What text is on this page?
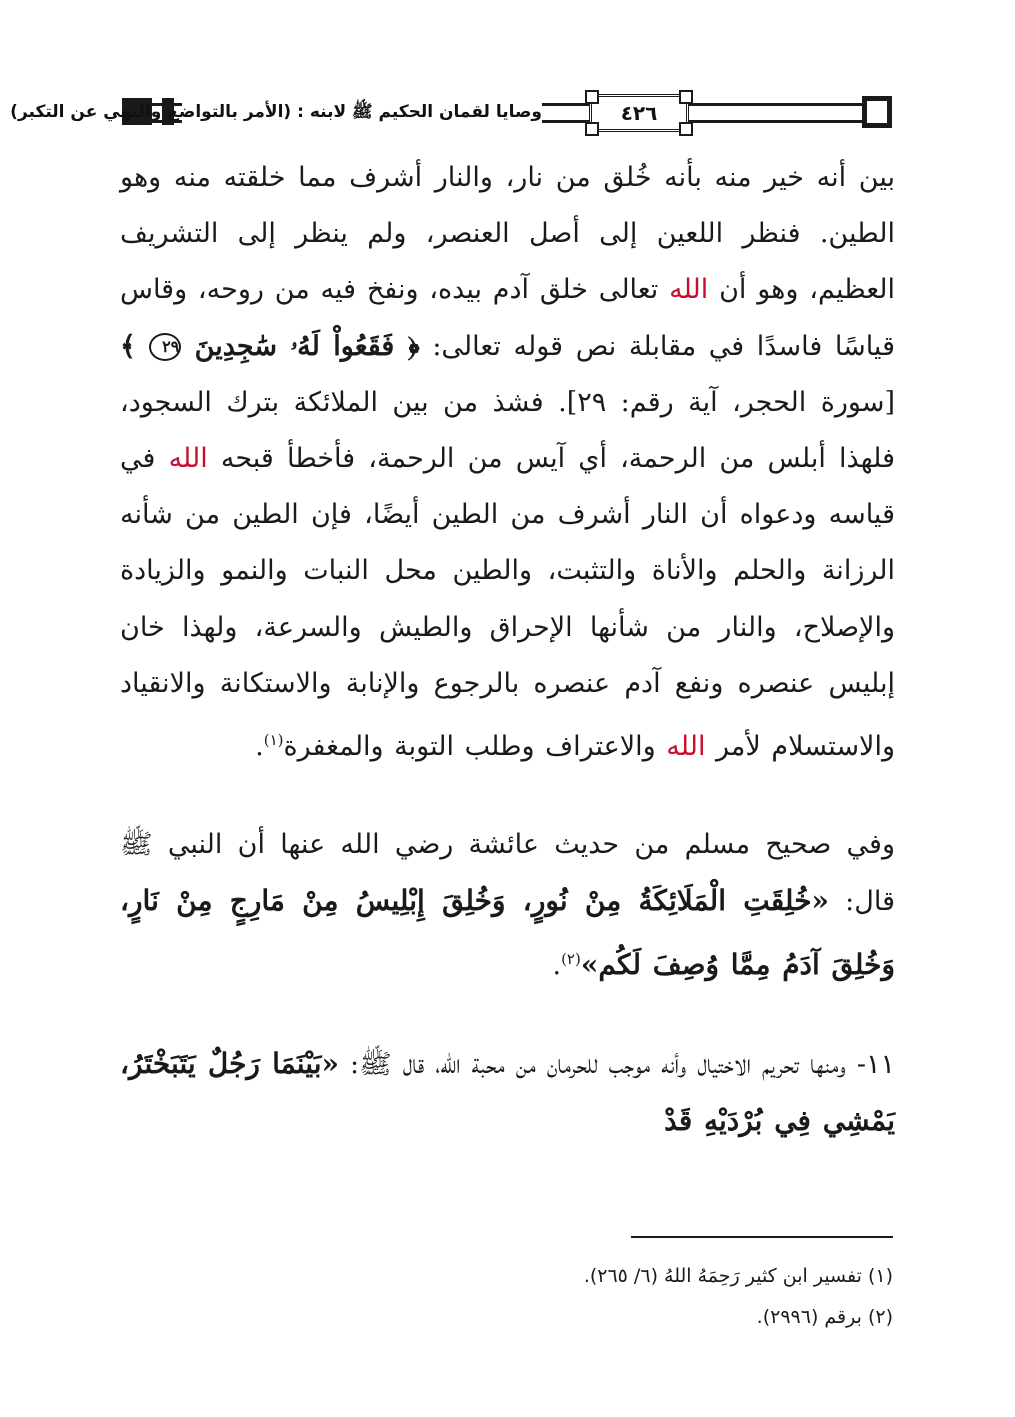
وصايا لقمان الحكيم ﷺ لابنه : (الأمر بالتواضع والنهي عن التكبر)	٤٢٦

بين أنه خير منه بأنه خُلق من نار، والنار أشرف مما خلقته منه وهو الطين. فنظر اللعين إلى أصل العنصر، ولم ينظر إلى التشريف العظيم، وهو أن الله تعالى خلق آدم بيده، ونفخ فيه من روحه، وقاس قياسًا فاسدًا في مقابلة نص قوله تعالى: ﴿ فَقَعُواْ لَهُۥ سَٰجِدِينَ ٢٩ ﴾ [سورة الحجر، آية رقم: ٢٩]. فشذ من بين الملائكة بترك السجود، فلهذا أبلس من الرحمة، أي آيس من الرحمة، فأخطأ قبحه الله في قياسه ودعواه أن النار أشرف من الطين أيضًا، فإن الطين من شأنه الرزانة والحلم والأناة والتثبت، والطين محل النبات والنمو والزيادة والإصلاح، والنار من شأنها الإحراق والطيش والسرعة، ولهذا خان إبليس عنصره ونفع آدم عنصره بالرجوع والإنابة والاستكانة والانقياد والاستسلام لأمر الله والاعتراف وطلب التوبة والمغفرة$^{(١)}$.

وفي صحيح مسلم من حديث عائشة رضي الله عنها أن النبي ﷺ قال: «خُلِقَتِ الْمَلَائِكَةُ مِنْ نُورٍ، وَخُلِقَ إِبْلِيسُ مِنْ مَارِجٍ مِنْ نَارٍ، وَخُلِقَ آدَمُ مِمَّا وُصِفَ لَكُم»$^{(٢)}$.

١١- ومنها تحريم الاختيال وأنه موجب للحرمان من محبة الله، قال ﷺ: «بَيْنَمَا رَجُلٌ يَتَبَخْتَرُ، يَمْشِي فِي بُرْدَيْهِ قَدْ

(١) تفسير ابن كثير رَحِمَهُ اللهُ (٦/ ٢٦٥).
(٢) برقم (٢٩٩٦).
